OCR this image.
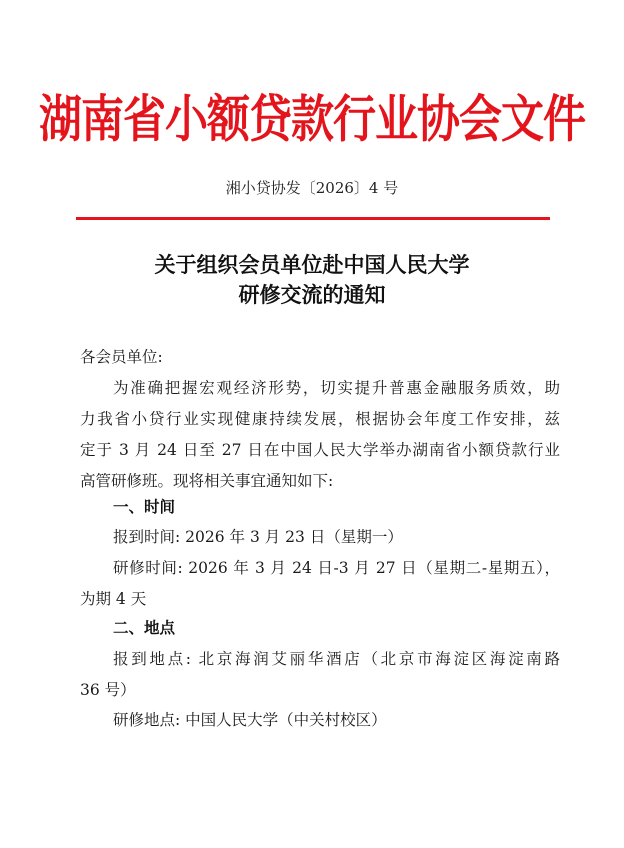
湖南省小额贷款行业协会文件
湘小贷协发〔2026〕4 号
关于组织会员单位赴中国人民大学
研修交流的通知
各会员单位:
为准确把握宏观经济形势，切实提升普惠金融服务质效，助
力我省小贷行业实现健康持续发展，根据协会年度工作安排，兹
定于 3 月 24 日至 27 日在中国人民大学举办湖南省小额贷款行业
高管研修班。现将相关事宜通知如下:
一、时间
报到时间: 2026 年 3 月 23 日（星期一）
研修时间: 2026 年 3 月 24 日-3 月 27 日（星期二-星期五），
为期 4 天
二、地点
报到地点: 北京海润艾丽华酒店（北京市海淀区海淀南路
36 号）
研修地点: 中国人民大学（中关村校区）
